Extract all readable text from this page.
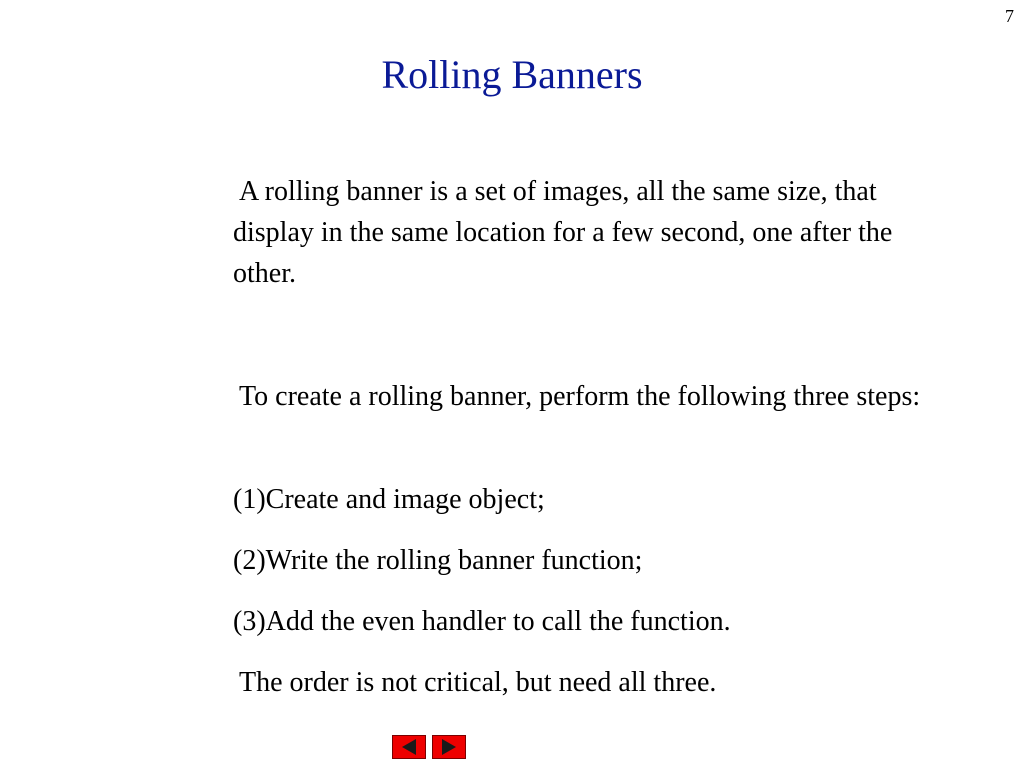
7
Rolling Banners

A rolling banner is a set of images, all the same size, that display in the same location for a few second, one after the other.

To create a rolling banner, perform the following three steps:

(1)Create and image object;

(2)Write the rolling banner function;

(3)Add the even handler to call the function.

The order is not critical, but need all three.
